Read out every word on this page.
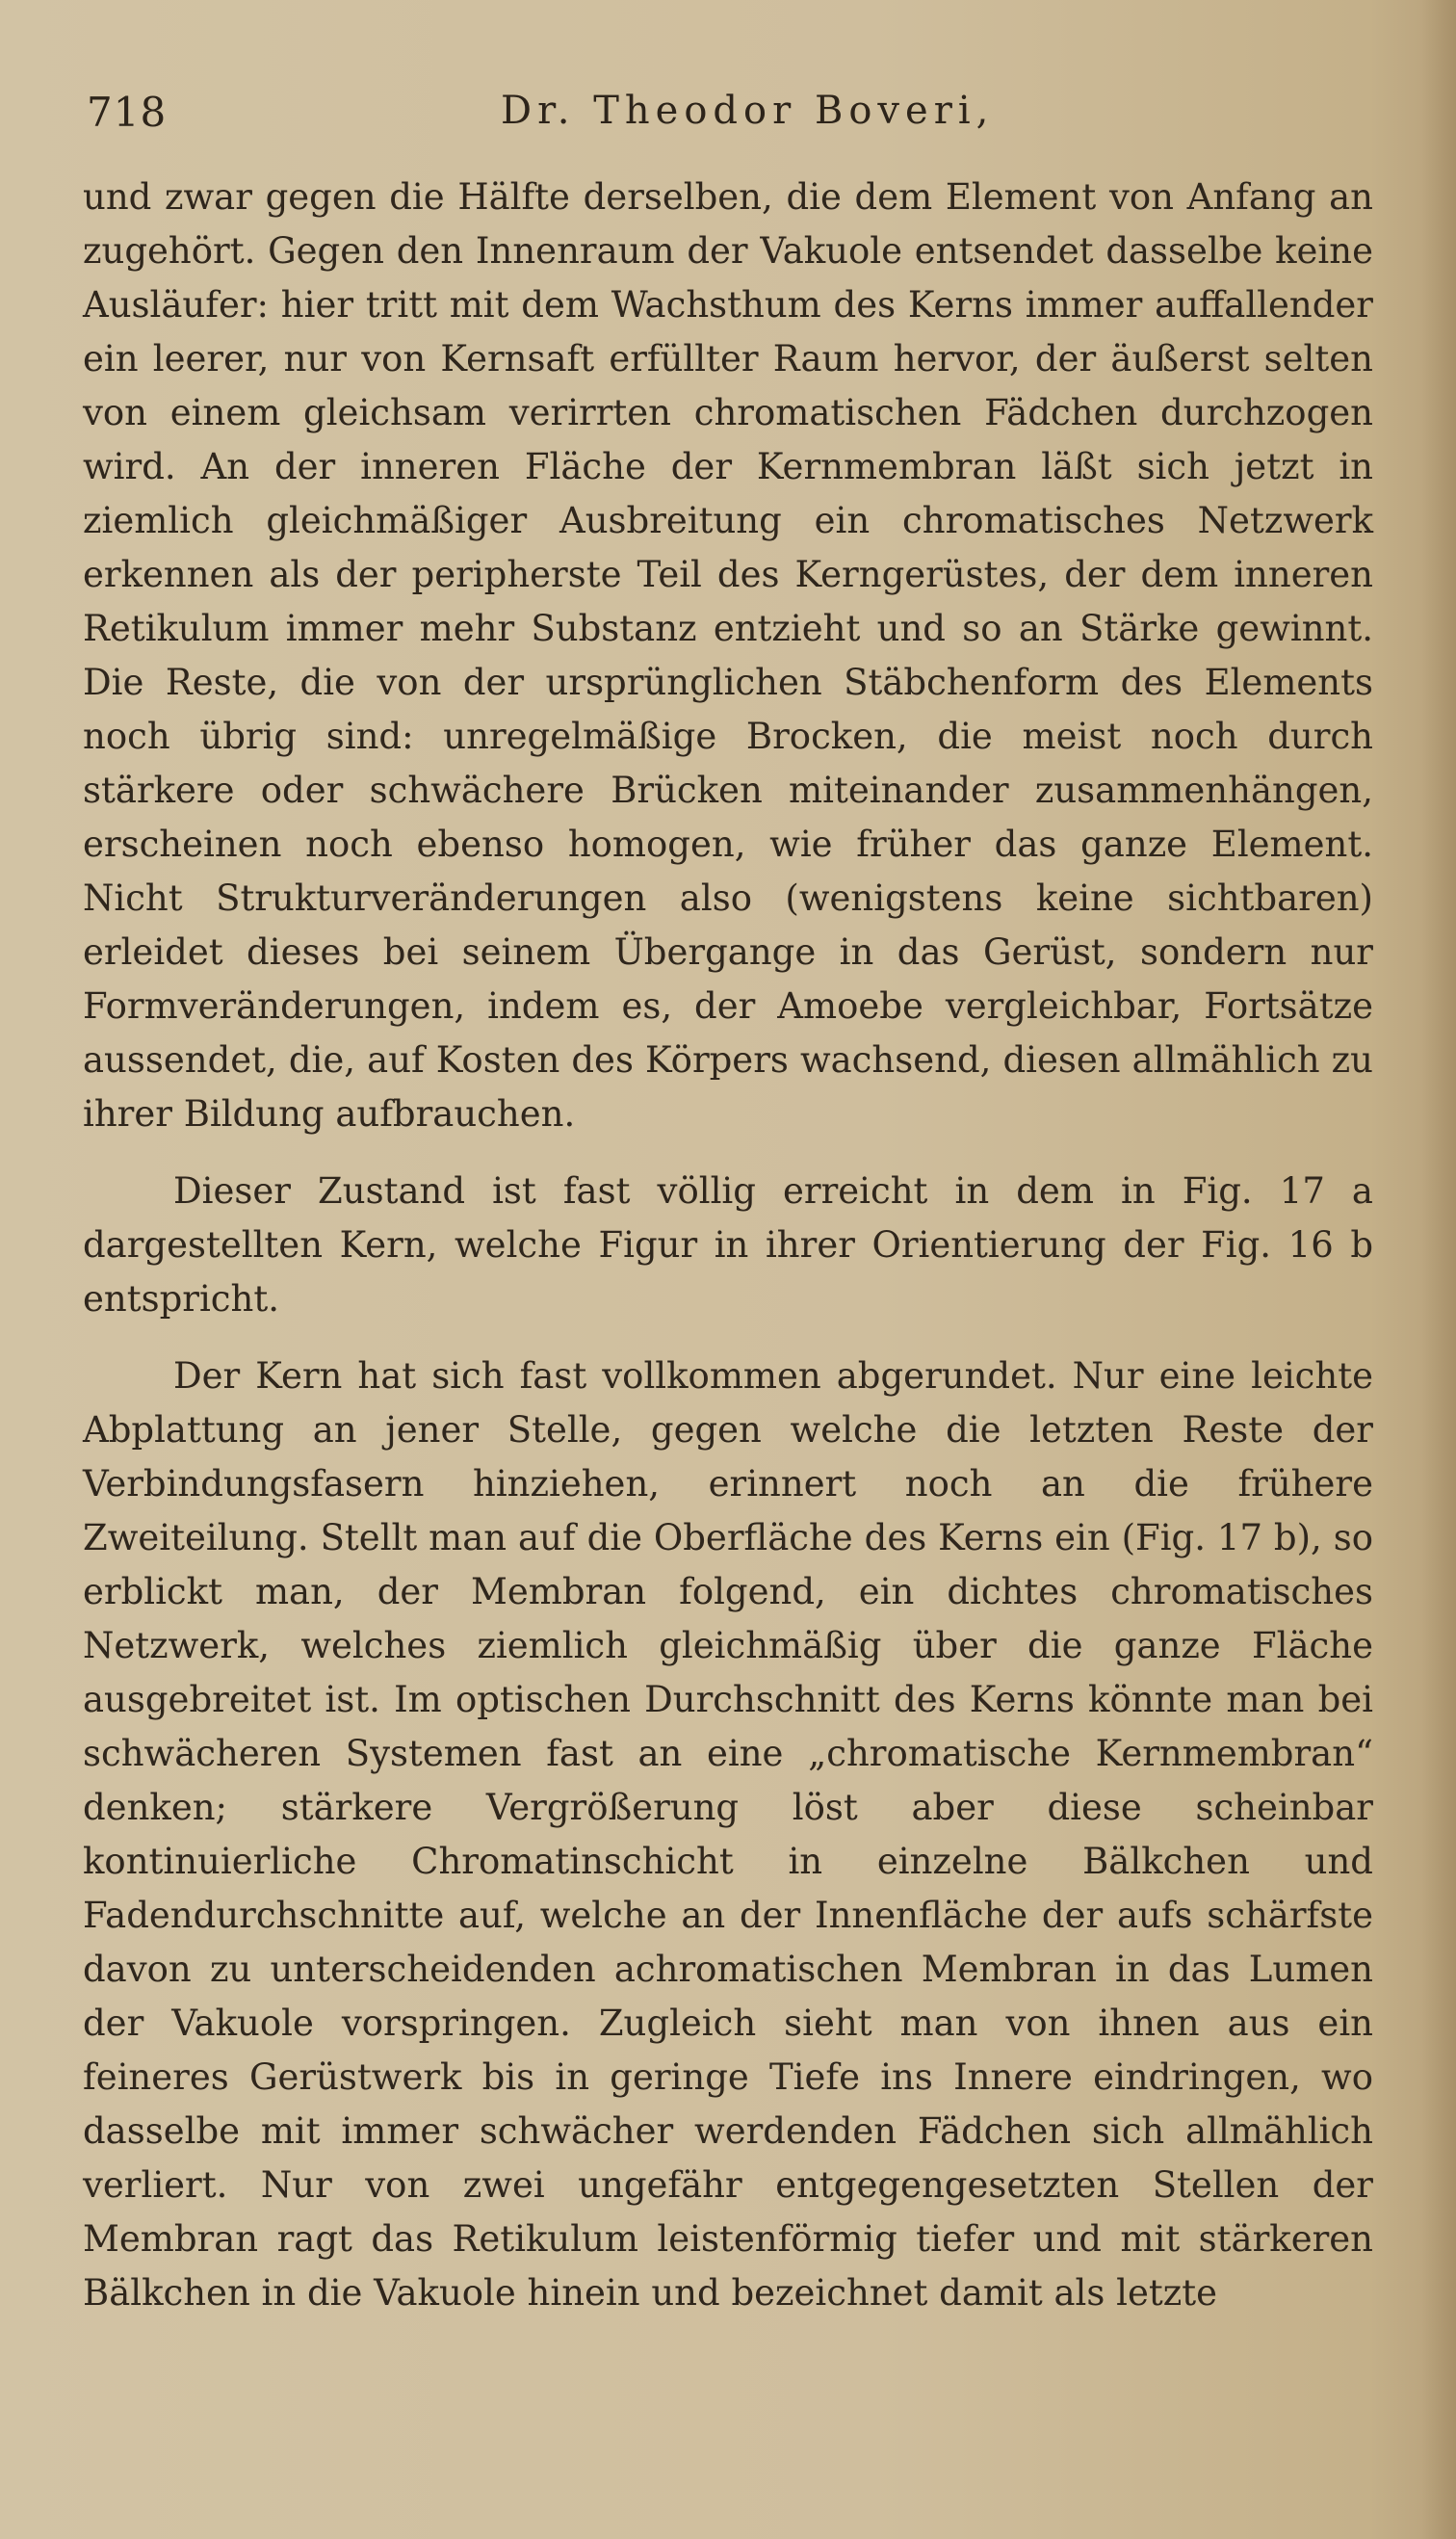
718	Dr. Theodor Boveri,

und zwar gegen die Hälfte derselben, die dem Element von Anfang an zugehört. Gegen den Innenraum der Vakuole entsendet dasselbe keine Ausläufer: hier tritt mit dem Wachsthum des Kerns immer auffallender ein leerer, nur von Kernsaft erfüllter Raum hervor, der äußerst selten von einem gleichsam verirrten chromatischen Fädchen durchzogen wird. An der inneren Fläche der Kernmembran läßt sich jetzt in ziemlich gleichmäßiger Ausbreitung ein chromatisches Netzwerk erkennen als der peripherste Teil des Kerngerüstes, der dem inneren Retikulum immer mehr Substanz entzieht und so an Stärke gewinnt. Die Reste, die von der ursprünglichen Stäbchenform des Elements noch übrig sind: unregelmäßige Brocken, die meist noch durch stärkere oder schwächere Brücken miteinander zusammenhängen, erscheinen noch ebenso homogen, wie früher das ganze Element. Nicht Strukturveränderungen also (wenigstens keine sichtbaren) erleidet dieses bei seinem Übergange in das Gerüst, sondern nur Formveränderungen, indem es, der Amoebe vergleichbar, Fortsätze aussendet, die, auf Kosten des Körpers wachsend, diesen allmählich zu ihrer Bildung aufbrauchen.

Dieser Zustand ist fast völlig erreicht in dem in Fig. 17 a dargestellten Kern, welche Figur in ihrer Orientierung der Fig. 16 b entspricht.

Der Kern hat sich fast vollkommen abgerundet. Nur eine leichte Abplattung an jener Stelle, gegen welche die letzten Reste der Verbindungsfasern hinziehen, erinnert noch an die frühere Zweiteilung. Stellt man auf die Oberfläche des Kerns ein (Fig. 17 b), so erblickt man, der Membran folgend, ein dichtes chromatisches Netzwerk, welches ziemlich gleichmäßig über die ganze Fläche ausgebreitet ist. Im optischen Durchschnitt des Kerns könnte man bei schwächeren Systemen fast an eine „chromatische Kernmembran“ denken; stärkere Vergrößerung löst aber diese scheinbar kontinuierliche Chromatinschicht in einzelne Bälkchen und Fadendurchschnitte auf, welche an der Innenfläche der aufs schärfste davon zu unterscheidenden achromatischen Membran in das Lumen der Vakuole vorspringen. Zugleich sieht man von ihnen aus ein feineres Gerüstwerk bis in geringe Tiefe ins Innere eindringen, wo dasselbe mit immer schwächer werdenden Fädchen sich allmählich verliert. Nur von zwei ungefähr entgegengesetzten Stellen der Membran ragt das Retikulum leistenförmig tiefer und mit stärkeren Bälkchen in die Vakuole hinein und bezeichnet damit als letzte
